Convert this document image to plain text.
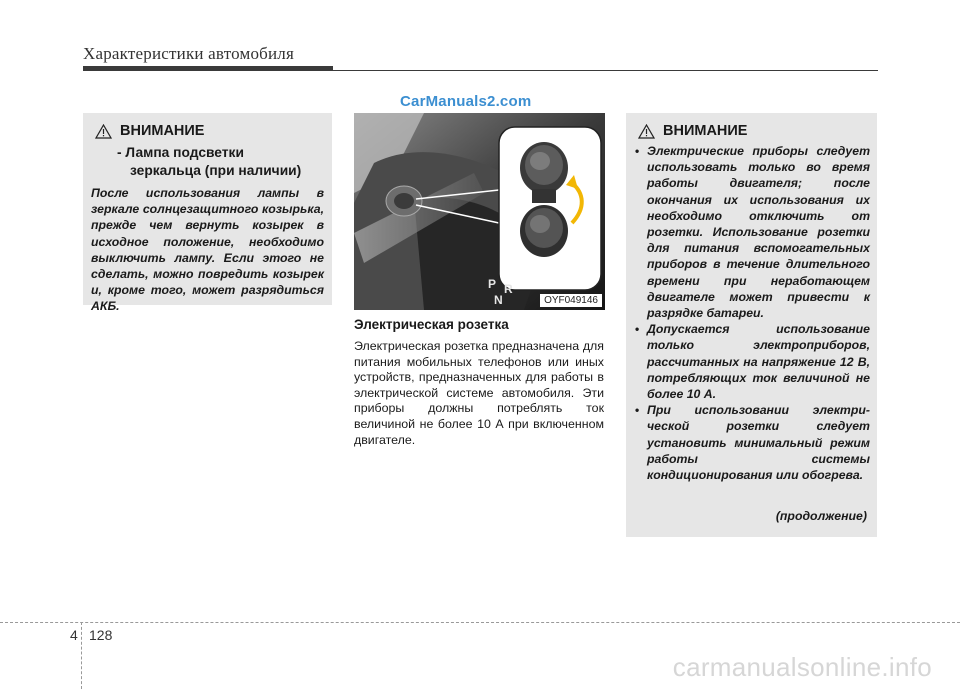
Характеристики автомобиля
CarManuals2.com
ВНИМАНИЕ
- Лампа подсветки
зеркальца (при наличии)

После использования лампы в зеркале солнцезащитного козырька, прежде чем вернуть козырек в исходное положение, необходимо выключить лампу. Если этого не сделать, можно повредить козырек и, кроме того, может разрядиться АКБ.

P R
N	OYF049146
Электрическая розетка

Электрическая розетка предназначена для питания мобильных телефонов или иных устройств, предназначенных для работы в электрической системе автомобиля. Эти приборы должны потреблять ток величиной не более 10 А при включенном двигателе.

ВНИМАНИЕ
• Электрические приборы следует использовать только во время работы двигателя; после окончания их использования их необходимо отключить от розетки. Использование розетки для питания вспомогательных приборов в течение длительного времени при неработающем двигателе может привести к разрядке батареи.

• Допускается использование только электроприборов, рассчитанных на напряжение 12 В, потребляющих ток величиной не более 10 А.

• При использовании электри- ческой розетки следует установить минимальный режим работы системы кондиционирования или обогрева.

(продолжение)
4 128
carmanualsonline.info
